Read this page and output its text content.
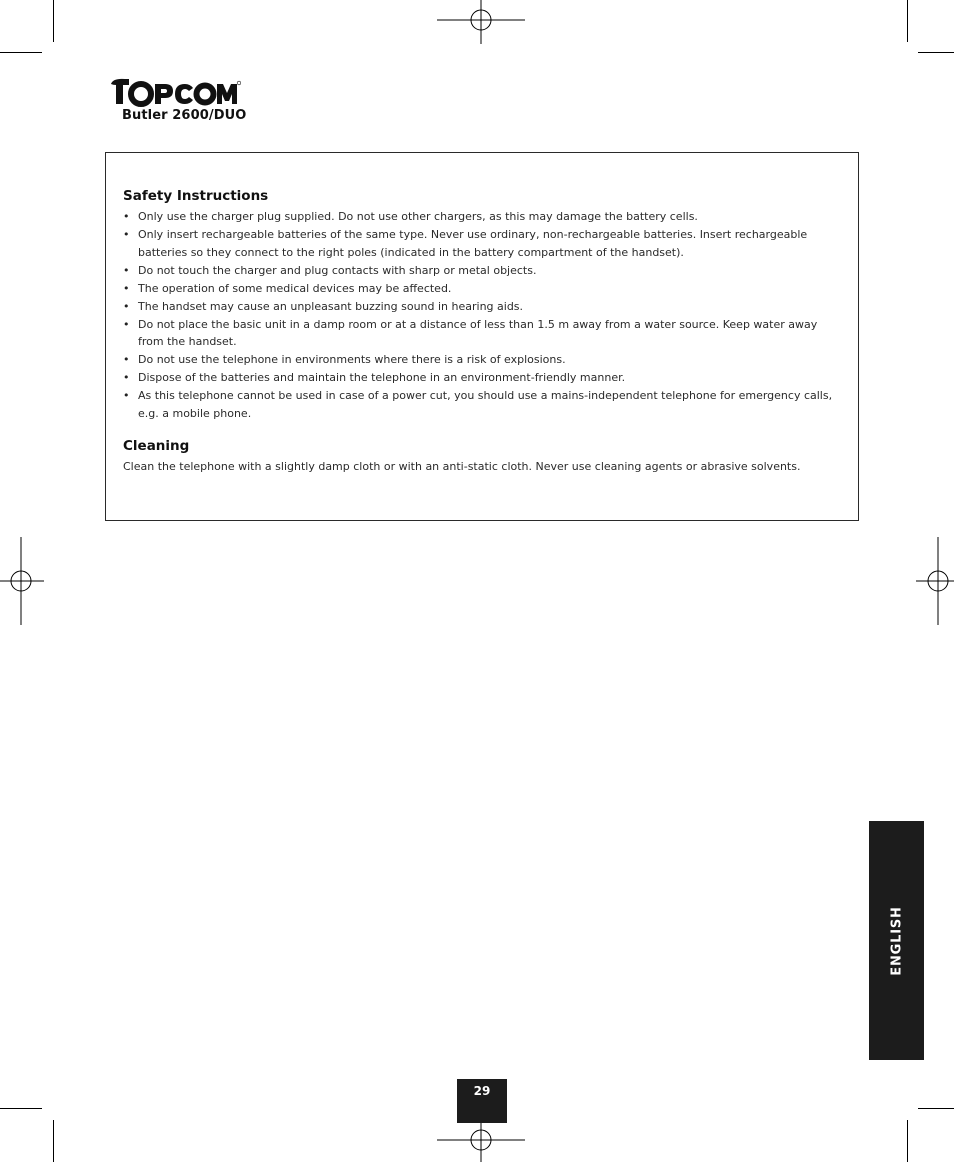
Butler 2600/DUO
Safety Instructions
• Only use the charger plug supplied. Do not use other chargers, as this may damage the battery cells.
• Only insert rechargeable batteries of the same type. Never use ordinary, non-rechargeable batteries. Insert rechargeable batteries so they connect to the right poles (indicated in the battery compartment of the handset).
• Do not touch the charger and plug contacts with sharp or metal objects.
• The operation of some medical devices may be affected.
• The handset may cause an unpleasant buzzing sound in hearing aids.
• Do not place the basic unit in a damp room or at a distance of less than 1.5 m away from a water source. Keep water away from the handset.
• Do not use the telephone in environments where there is a risk of explosions.
• Dispose of the batteries and maintain the telephone in an environment-friendly manner.
• As this telephone cannot be used in case of a power cut, you should use a mains-independent telephone for emergency calls, e.g. a mobile phone.
Cleaning

Clean the telephone with a slightly damp cloth or with an anti-static cloth. Never use cleaning agents or abrasive solvents.

ENGLISH
29
